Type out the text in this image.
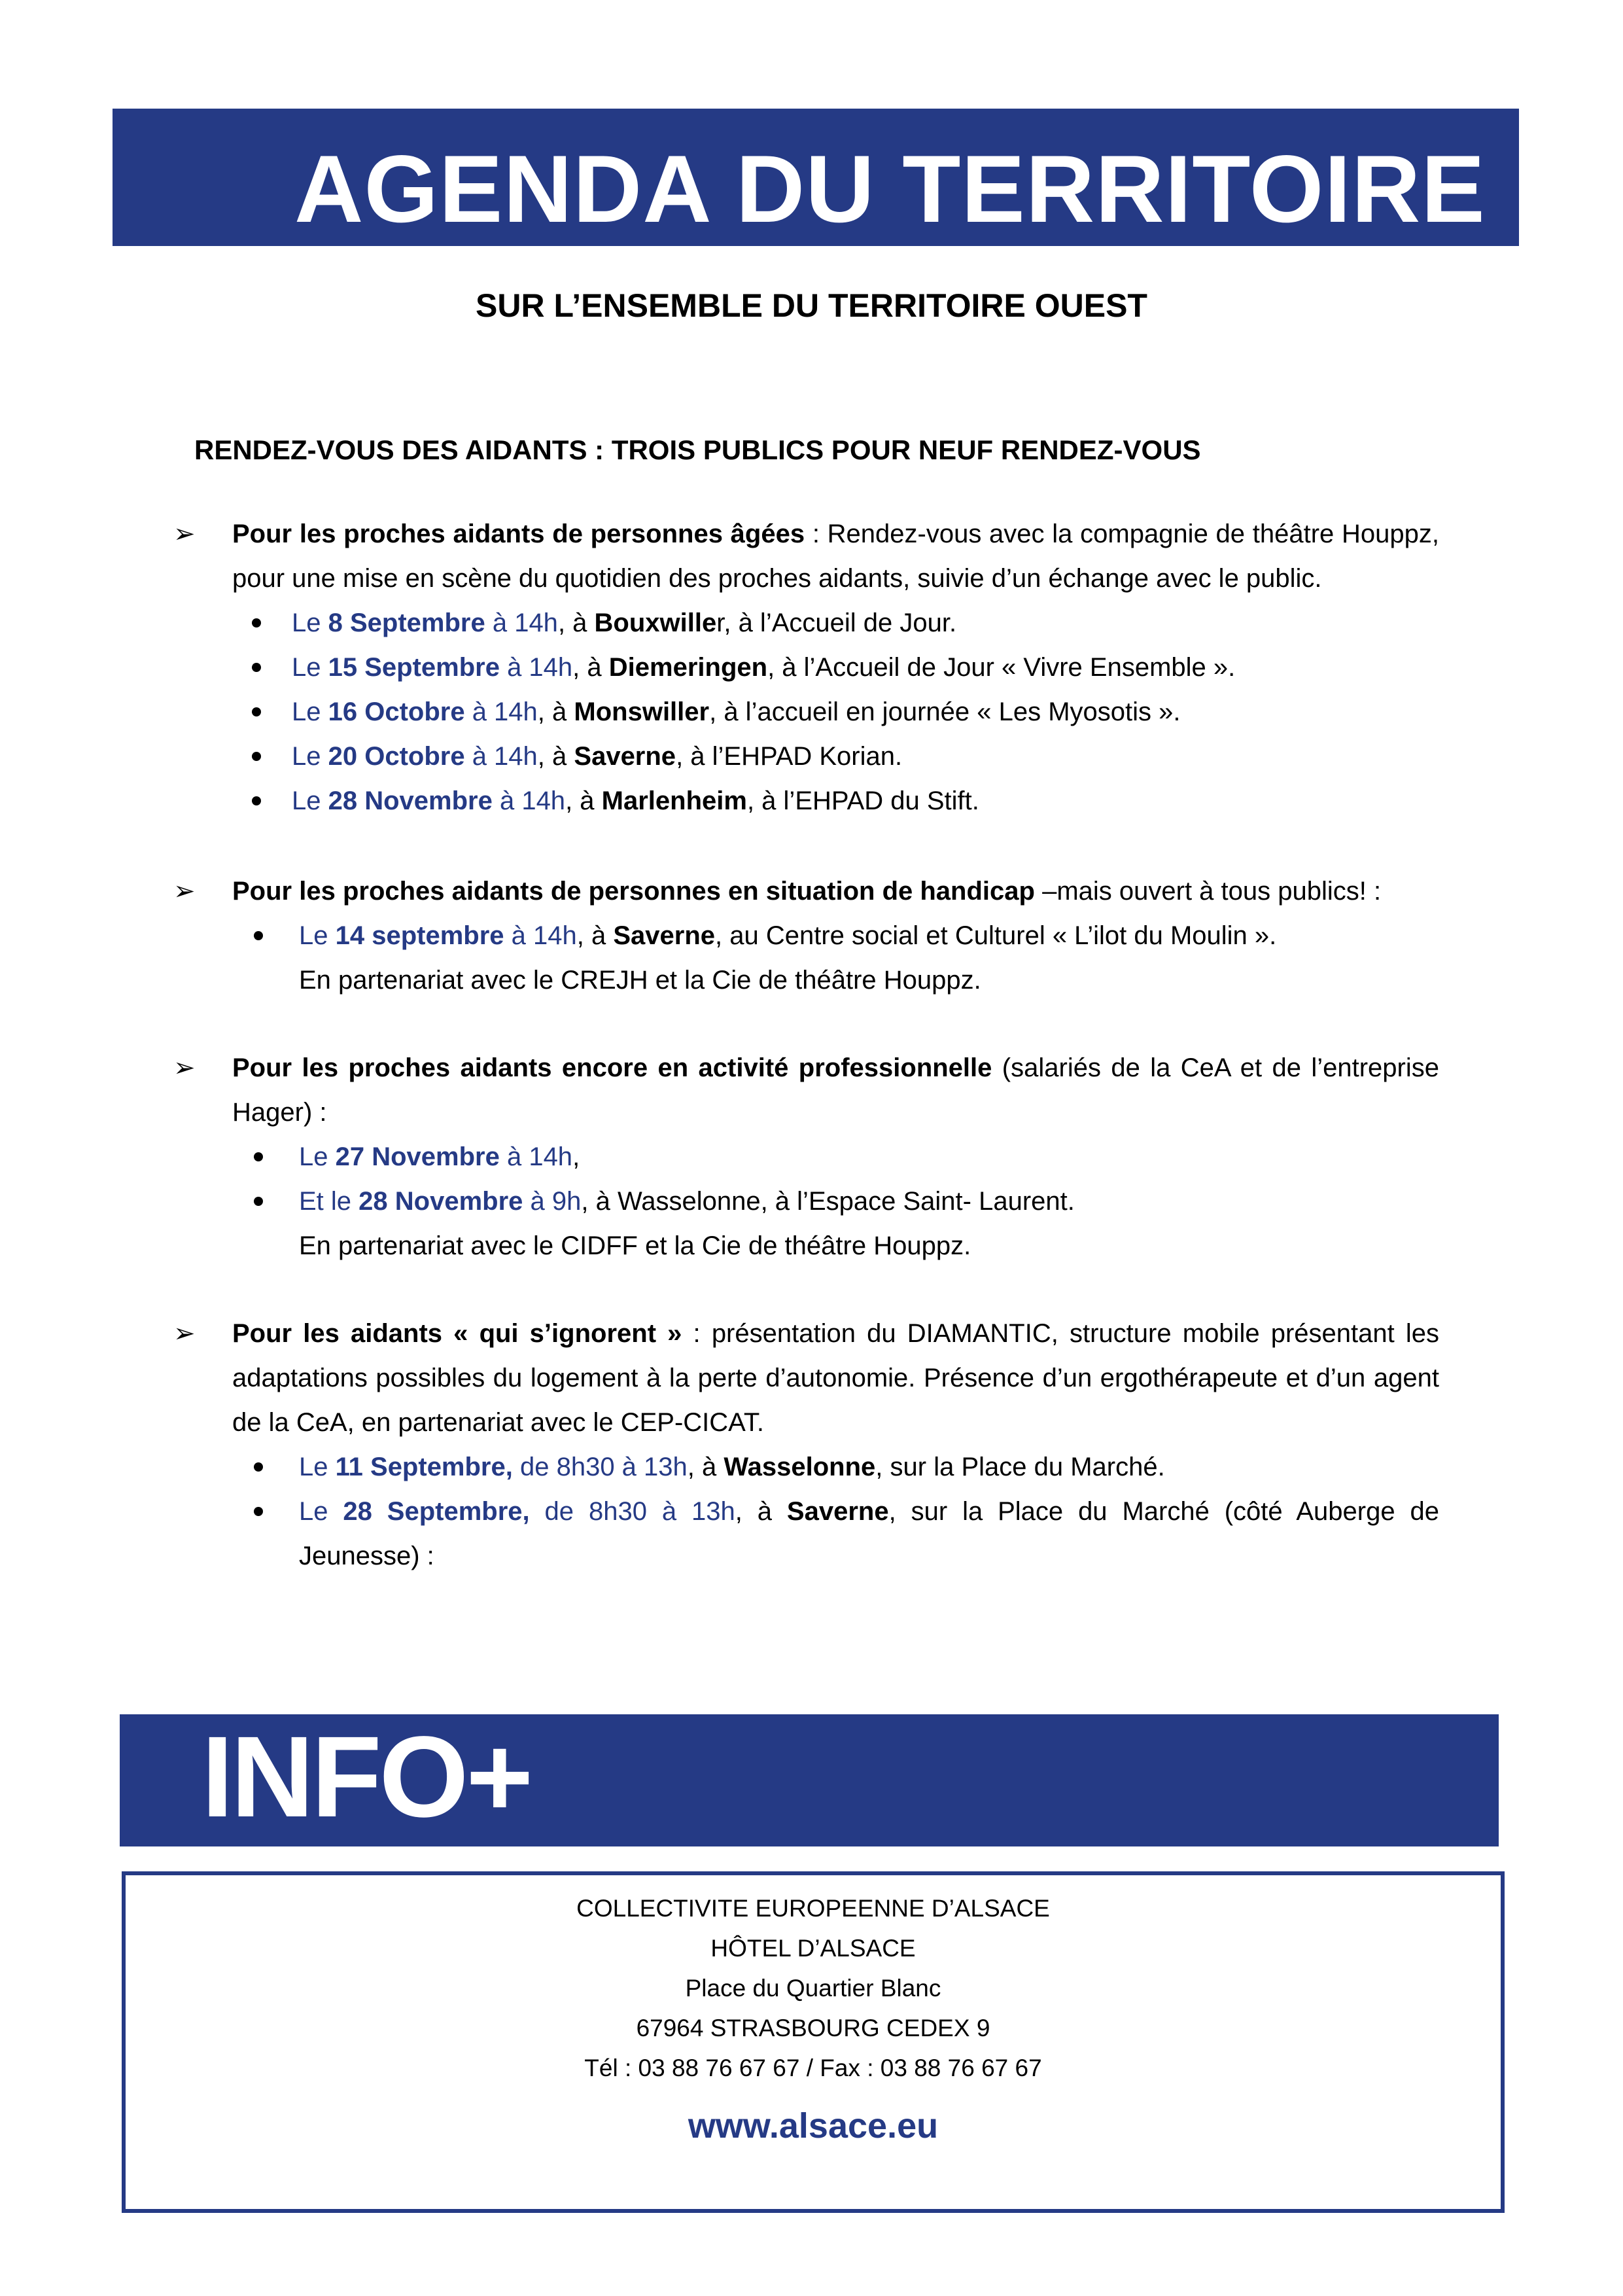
AGENDA DU TERRITOIRE
SUR L’ENSEMBLE DU TERRITOIRE OUEST
RENDEZ-VOUS DES AIDANTS : TROIS PUBLICS POUR NEUF RENDEZ-VOUS
➢ Pour les proches aidants de personnes âgées : Rendez-vous avec la compagnie de théâtre Houppz, pour une mise en scène du quotidien des proches aidants, suivie d’un échange avec le public.
Le 8 Septembre à 14h, à Bouxwiller, à l’Accueil de Jour.
Le 15 Septembre à 14h, à Diemeringen, à l’Accueil de Jour « Vivre Ensemble ».
Le 16 Octobre à 14h, à Monswiller, à l’accueil en journée « Les Myosotis ».
Le 20 Octobre à 14h, à Saverne, à l’EHPAD Korian.
Le 28 Novembre à 14h, à Marlenheim, à l’EHPAD du Stift.
➢ Pour les proches aidants de personnes en situation de handicap –mais ouvert à tous publics! :
Le 14 septembre à 14h, à Saverne, au Centre social et Culturel « L’ilot du Moulin ».
En partenariat avec le CREJH et la Cie de théâtre Houppz.
➢ Pour les proches aidants encore en activité professionnelle (salariés de la CeA et de l’entreprise Hager) :
Le 27 Novembre à 14h,
Et le 28 Novembre à 9h, à Wasselonne, à l’Espace Saint- Laurent.
En partenariat avec le CIDFF et la Cie de théâtre Houppz.
➢ Pour les aidants « qui s’ignorent » : présentation du DIAMANTIC, structure mobile présentant les adaptations possibles du logement à la perte d’autonomie. Présence d’un ergothérapeute et d’un agent de la CeA, en partenariat avec le CEP-CICAT.
Le 11 Septembre, de 8h30 à 13h, à Wasselonne, sur la Place du Marché.
Le 28 Septembre, de 8h30 à 13h, à Saverne, sur la Place du Marché (côté Auberge de Jeunesse) :
INFO+
COLLECTIVITE EUROPEENNE D’ALSACE
HÔTEL D’ALSACE
Place du Quartier Blanc
67964 STRASBOURG CEDEX 9
Tél : 03 88 76 67 67 / Fax : 03 88 76 67 67
www.alsace.eu
